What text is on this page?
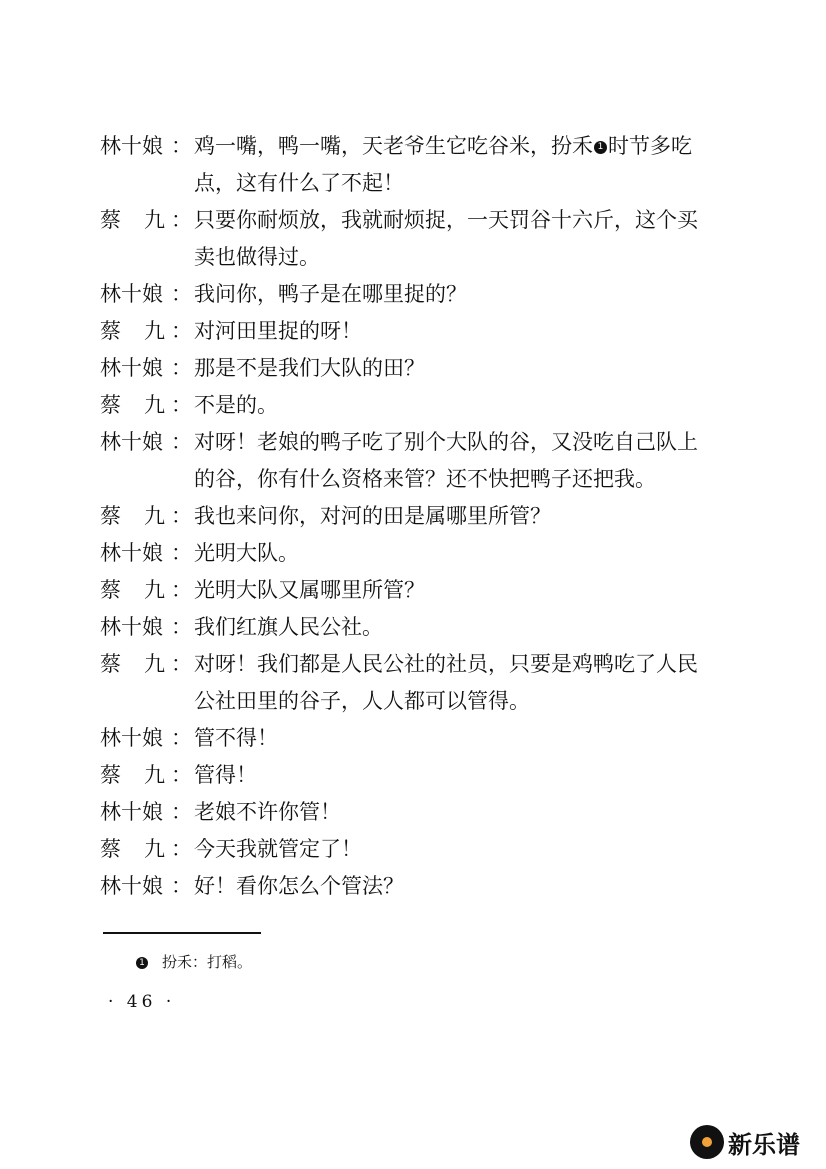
林十娘 ： 鸡一嘴，鸭一嘴，天老爷生它吃谷米，扮禾 1 时节多吃
点，这有什么了不起！
蔡 九 ： 只要你耐烦放，我就耐烦捉，一天罚谷十六斤，这个买
卖也做得过。
林十娘 ： 我问你，鸭子是在哪里捉的？
蔡 九 ： 对河田里捉的呀！
林十娘 ： 那是不是我们大队的田？
蔡 九 ： 不是的。
林十娘 ： 对呀！老娘的鸭子吃了别个大队的谷，又没吃自己队上
的谷，你有什么资格来管？还不快把鸭子还把我。
蔡 九 ： 我也来问你，对河的田是属哪里所管？
林十娘 ： 光明大队。
蔡 九 ： 光明大队又属哪里所管？
林十娘 ： 我们红旗人民公社。
蔡 九 ： 对呀！我们都是人民公社的社员，只要是鸡鸭吃了人民
公社田里的谷子，人人都可以管得。
林十娘 ： 管不得！
蔡 九 ： 管得！
林十娘 ： 老娘不许你管！
蔡 九 ： 今天我就管定了！
林十娘 ： 好！看你怎么个管法？
1 扮禾：打稻。
· 46 ·
新乐谱
